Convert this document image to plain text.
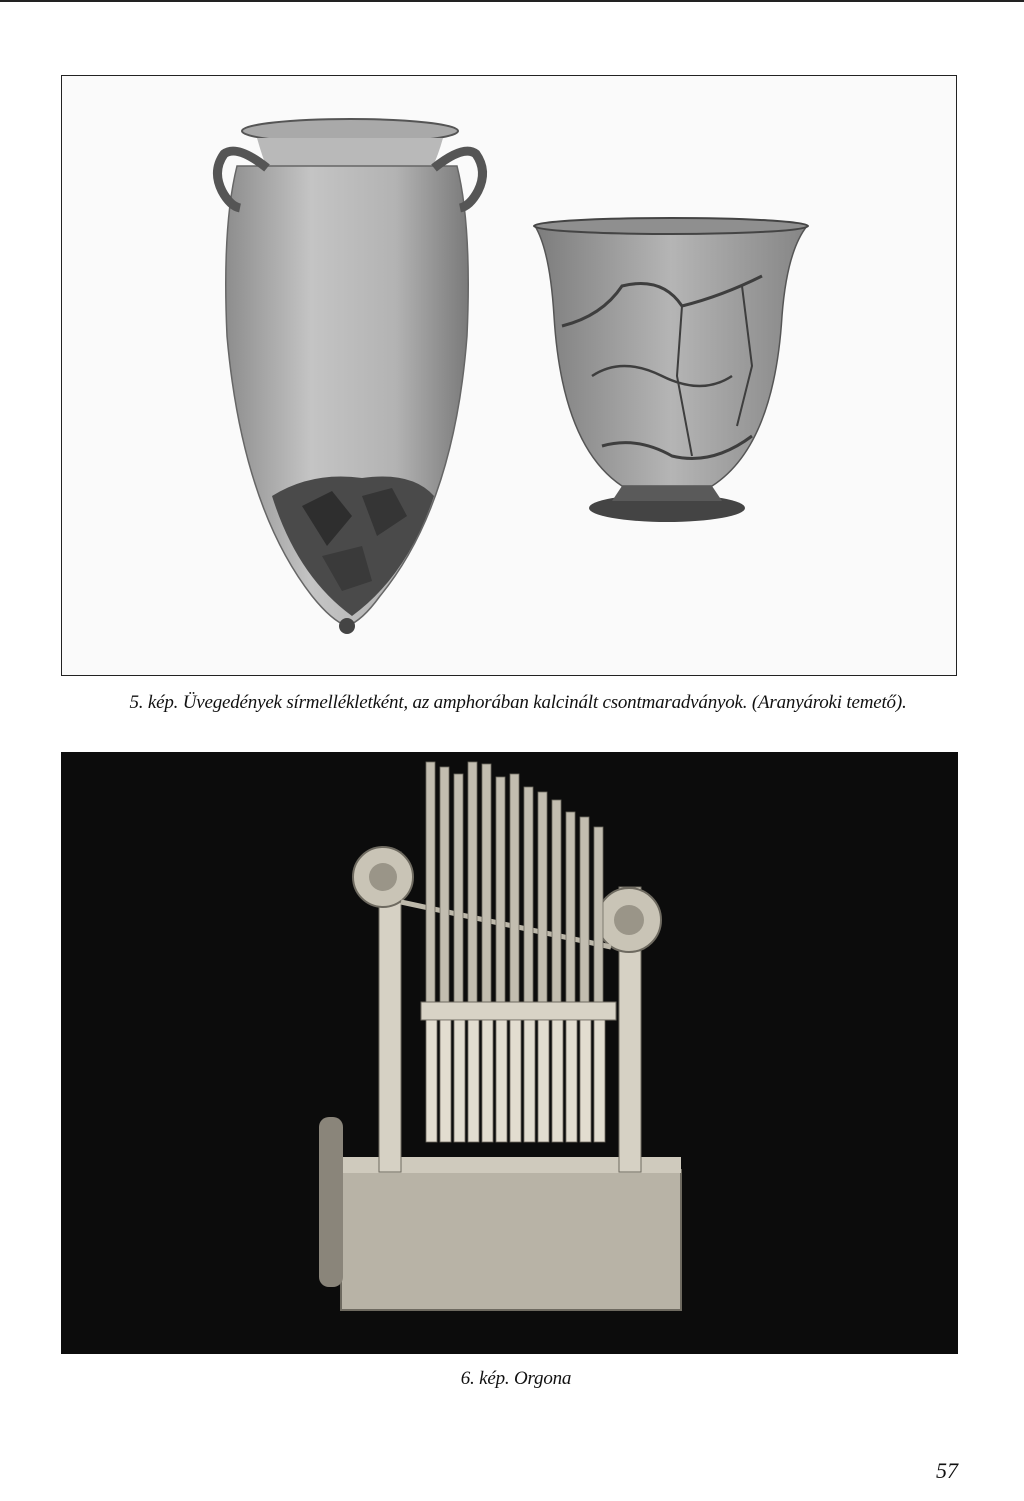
5. kép. Üvegedények sírmellékletként, az amphorában kalcinált csontmaradványok. (Aranyároki temető).
6. kép. Orgona
57
